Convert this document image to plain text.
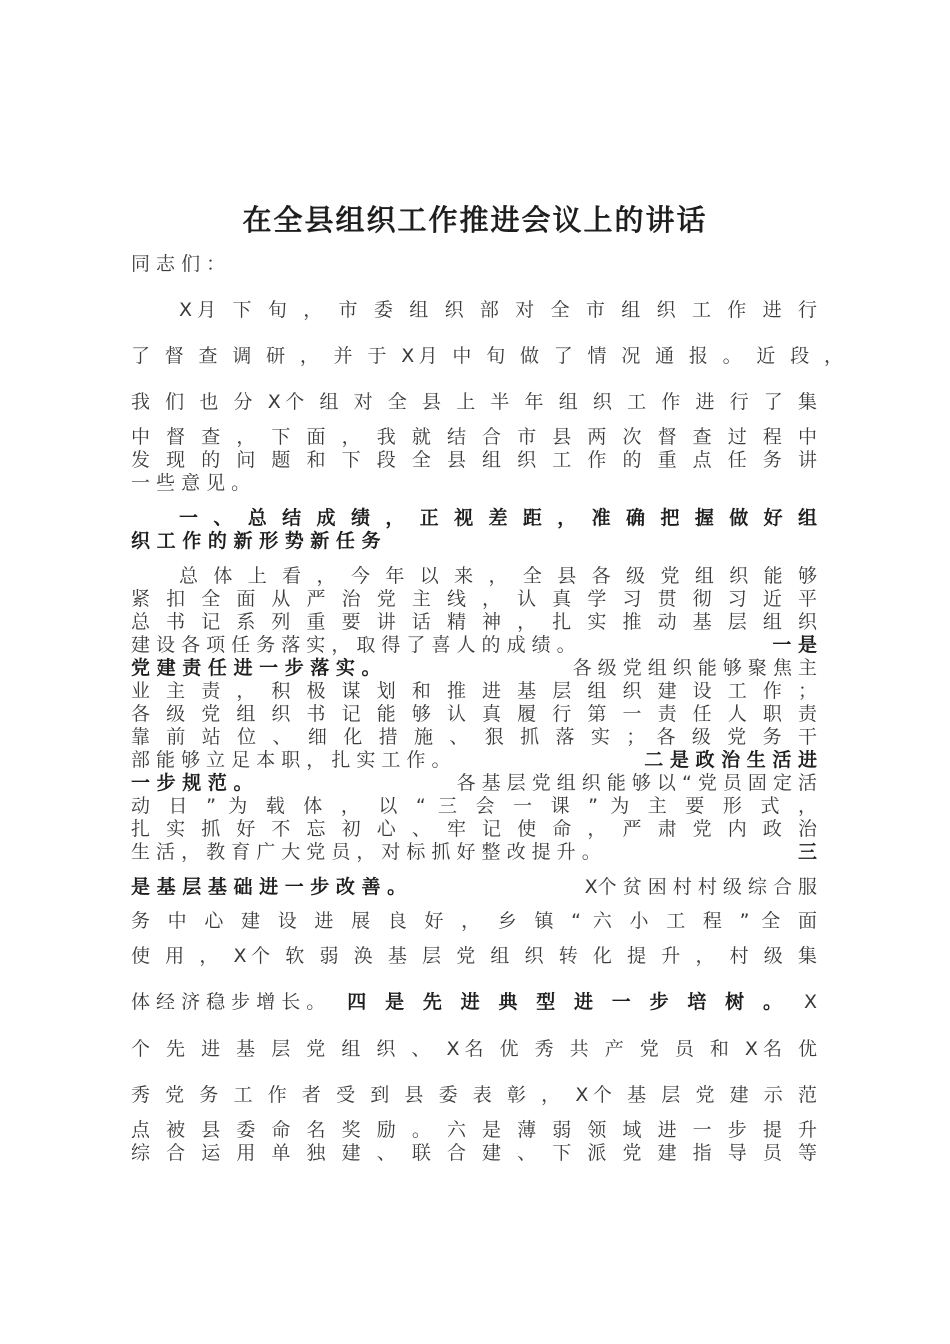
在全县组织工作推进会议上的讲话
同 志 们 ：
X月 下 旬 ， 市 委 组 织 部 对 全 市 组 织 工 作 进 行
了 督 查 调 研 ， 并 于 X月 中 旬 做 了 情 况 通 报 。 近 段 ，
我 们 也 分 X个 组 对 全 县 上 半 年 组 织 工 作 进 行 了 集
中 督 查 ， 下 面 ， 我 就 结 合 市 县 两 次 督 查 过 程 中
发 现 的 问 题 和 下 段 全 县 组 织 工 作 的 重 点 任 务 讲
一 些 意 见 。
一 、 总 结 成 绩 ， 正 视 差 距 ， 准 确 把 握 做 好 组
织 工 作 的 新 形 势 新 任 务
总 体 上 看 ， 今 年 以 来 ， 全 县 各 级 党 组 织 能 够
紧 扣 全 面 从 严 治 党 主 线 ， 认 真 学 习 贯 彻 习 近 平
总 书 记 系 列 重 要 讲 话 精 神 ， 扎 实 推 动 基 层 组 织
建 设 各 项 任 务 落 实 ， 取 得 了 喜 人 的 成 绩 。	一 是
党 建 责 任 进 一 步 落 实 。	各 级 党 组 织 能 够 聚 焦 主
业 主 责 ， 积 极 谋 划 和 推 进 基 层 组 织 建 设 工 作 ；
各 级 党 组 织 书 记 能 够 认 真 履 行 第 一 责 任 人 职 责
靠 前 站 位 、 细 化 措 施 、 狠 抓 落 实 ； 各 级 党 务 干
部 能 够 立 足 本 职 ， 扎 实 工 作 。	二 是 政 治 生 活 进
一 步 规 范 。	各 基 层 党 组 织 能 够 以 “ 党 员 固 定 活
动 日 ” 为 载 体 ， 以 “ 三 会 一 课 ” 为 主 要 形 式 ，
扎 实 抓 好 不 忘 初 心 、 牢 记 使 命 ， 严 肃 党 内 政 治
生 活 ， 教 育 广 大 党 员 ， 对 标 抓 好 整 改 提 升 。	三
是 基 层 基 础 进 一 步 改 善 。	X个 贫 困 村 村 级 综 合 服
务 中 心 建 设 进 展 良 好 ， 乡 镇 “ 六 小 工 程 ” 全 面
使 用 ， X个 软 弱 涣 基 层 党 组 织 转 化 提 升 ， 村 级 集
体 经 济 稳 步 增 长 。 四 是 先 进 典 型 进 一 步 培 树 。 X
个 先 进 基 层 党 组 织 、 X名 优 秀 共 产 党 员 和 X名 优
秀 党 务 工 作 者 受 到 县 委 表 彰 ， X个 基 层 党 建 示 范
点 被 县 委 命 名 奖 励 。 六 是 薄 弱 领 域 进 一 步 提 升
综 合 运 用 单 独 建 、 联 合 建 、 下 派 党 建 指 导 员 等
